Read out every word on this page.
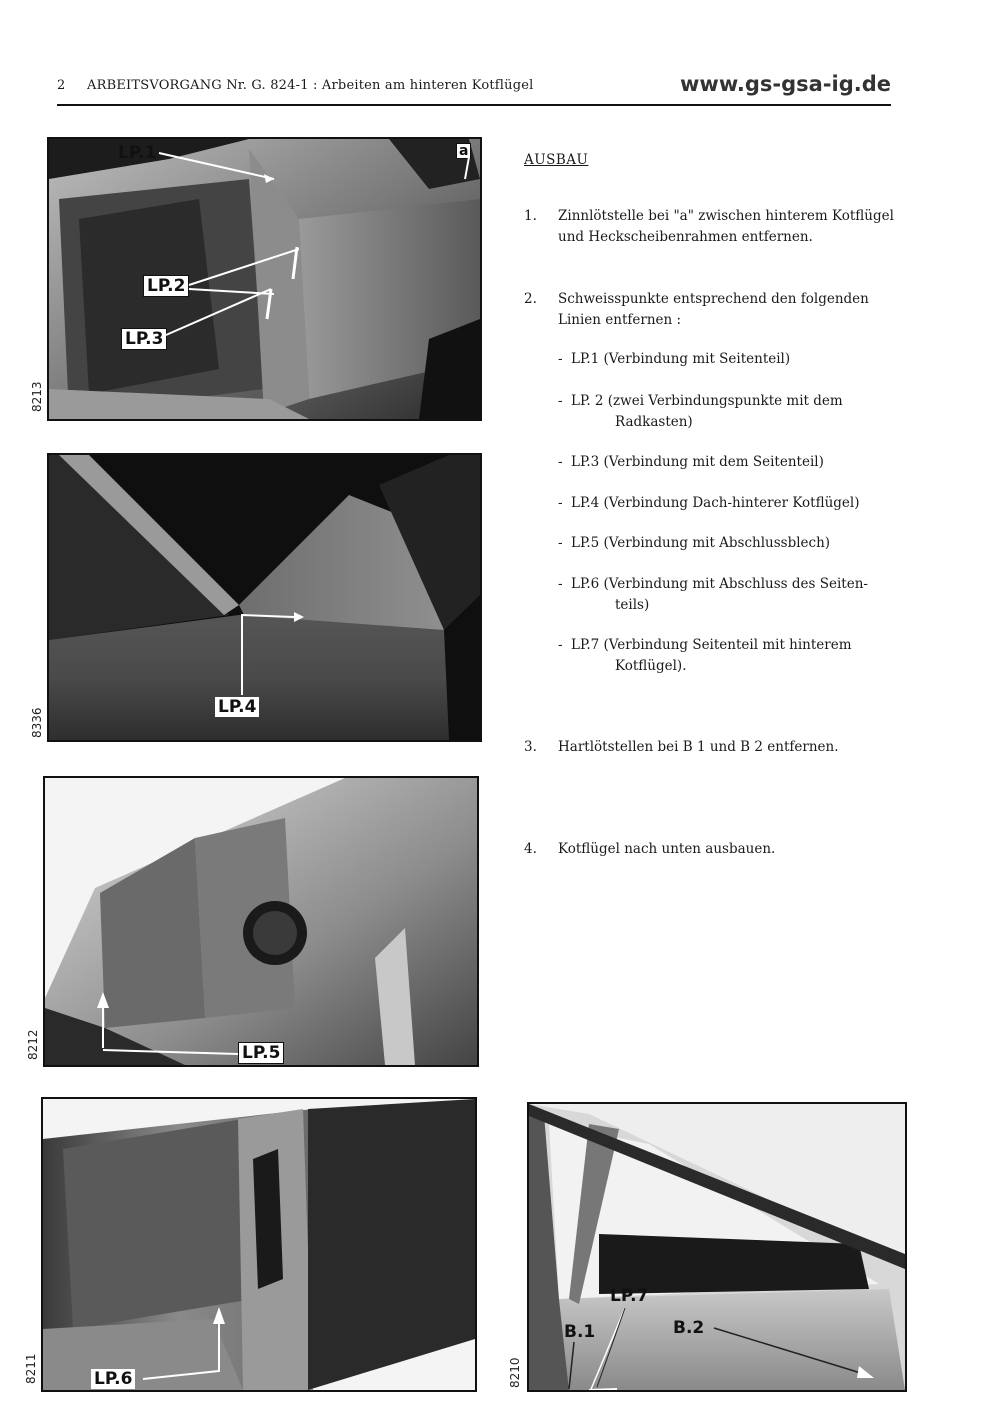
2 ARBEITSVORGANG Nr. G. 824-1 : Arbeiten am hinteren Kotflügel	www.gs-gsa-ig.de
LP.1
LP.2
LP.3
a
8213
LP.4
8336
LP.5
8212
LP.6
8211
LP.7
B.1	B.2
8210
AUSBAU
1. Zinnlötstelle bei "a" zwischen hinterem Kotflügel und Heckscheibenrahmen entfernen.
2. Schweisspunkte entsprechend den folgenden Linien entfernen :
- LP.1 (Verbindung mit Seitenteil)
- LP. 2 (zwei Verbindungspunkte mit dem
Radkasten)
- LP.3 (Verbindung mit dem Seitenteil)
- LP.4 (Verbindung Dach-hinterer Kotflügel)
- LP.5 (Verbindung mit Abschlussblech)
- LP.6 (Verbindung mit Abschluss des Seiten-
teils)
- LP.7 (Verbindung Seitenteil mit hinterem
Kotflügel).
3. Hartlötstellen bei B 1 und B 2 entfernen.
4. Kotflügel nach unten ausbauen.
